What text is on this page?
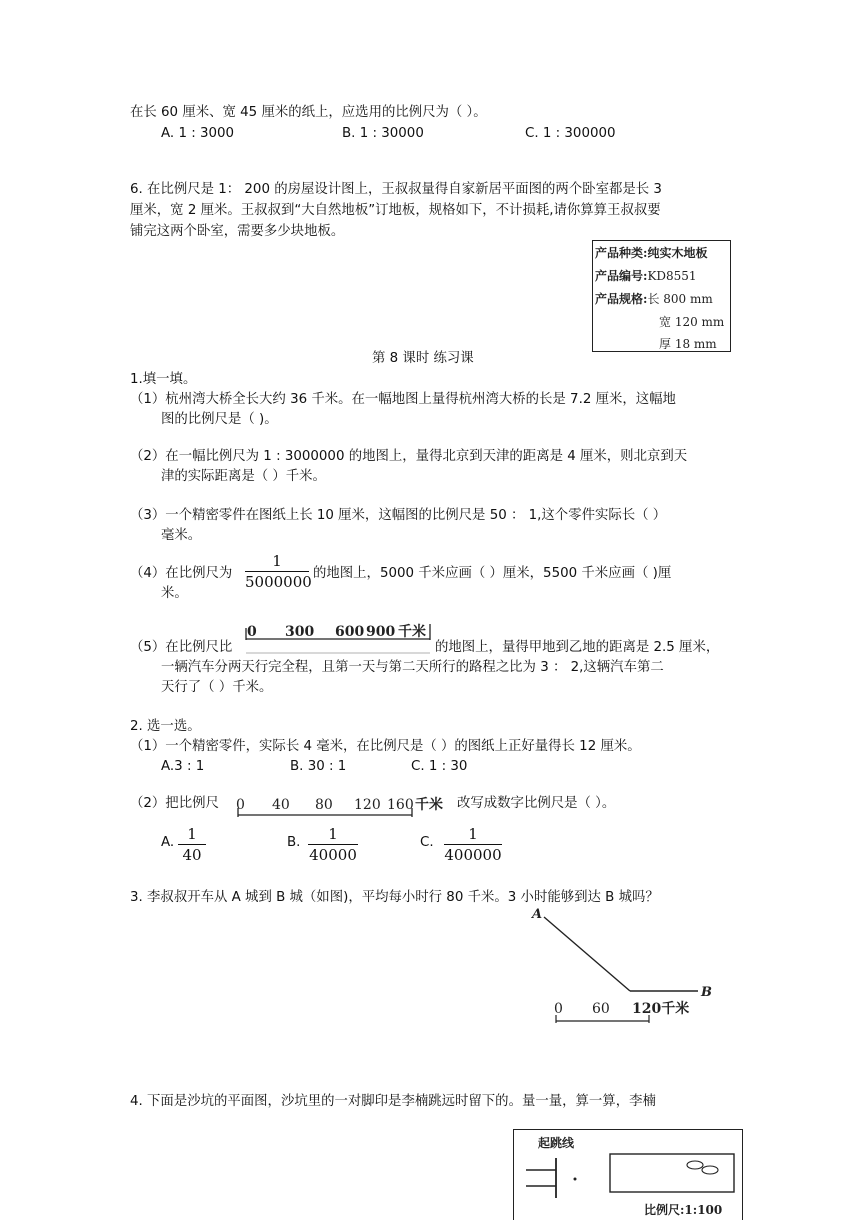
在长 60 厘米、宽 45 厘米的纸上，应选用的比例尺为（ ）。
A. 1 : 3000	B. 1 : 30000	C. 1 : 300000
6. 在比例尺是 1： 200 的房屋设计图上，王叔叔量得自家新居平面图的两个卧室都是长 3
厘米，宽 2 厘米。王叔叔到“大自然地板”订地板，规格如下，不计损耗,请你算算王叔叔要
铺完这两个卧室，需要多少块地板。
产品种类:纯实木地板
产品编号:KD8551
产品规格:长 800 mm
宽 120 mm
厚 18 mm
第 8 课时 练习课
1.填一填。
（1）杭州湾大桥全长大约 36 千米。在一幅地图上量得杭州湾大桥的长是 7.2 厘米，这幅地
图的比例尺是（ )。
（2）在一幅比例尺为 1 : 3000000 的地图上，量得北京到天津的距离是 4 厘米，则北京到天
津的实际距离是（ ）千米。
（3）一个精密零件在图纸上长 10 厘米，这幅图的比例尺是 50 ： 1,这个零件实际长（ ）
毫米。
（4）在比例尺为
1
5000000 的地图上，5000 千米应画（ ）厘米，5500 千米应画（ )厘
米。
（5）在比例尺比
0 300 600 900 千米
的地图上，量得甲地到乙地的距离是 2.5 厘米，
一辆汽车分两天行完全程，且第一天与第二天所行的路程之比为 3 ： 2,这辆汽车第二
天行了（ ）千米。
2. 选一选。
（1）一个精密零件，实际长 4 毫米，在比例尺是（ ）的图纸上正好量得长 12 厘米。
A.3 : 1	B. 30 : 1	C. 1 : 30
（2）把比例尺 0 40 80 120 160 千米 改写成数字比例尺是（ ）。
A. 1
40
B.	1
40000
C.	1
400000
3. 李叔叔开车从 A 城到 B 城（如图)，平均每小时行 80 千米。3 小时能够到达 B 城吗？
A
B
0 60 120千米
4. 下面是沙坑的平面图，沙坑里的一对脚印是李楠跳远时留下的。量一量，算一算，李楠
起跳线
比例尺:1:100
